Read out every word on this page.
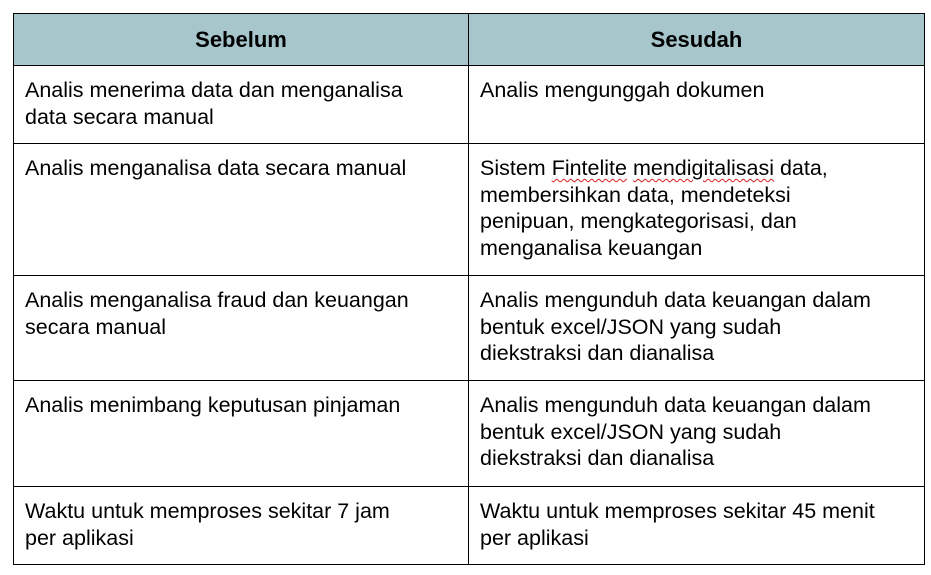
Sebelum	Sesudah

Analis menerima data dan menganalisa
data secara manual	Analis mengunggah dokumen

Analis menganalisa data secara manual	Sistem Fintelite mendigitalisasi data,
membersihkan data, mendeteksi
penipuan, mengkategorisasi, dan
menganalisa keuangan

Analis menganalisa fraud dan keuangan
secara manual	Analis mengunduh data keuangan dalam
bentuk excel/JSON yang sudah
diekstraksi dan dianalisa

Analis menimbang keputusan pinjaman	Analis mengunduh data keuangan dalam
bentuk excel/JSON yang sudah
diekstraksi dan dianalisa

Waktu untuk memproses sekitar 7 jam
per aplikasi	Waktu untuk memproses sekitar 45 menit
per aplikasi
